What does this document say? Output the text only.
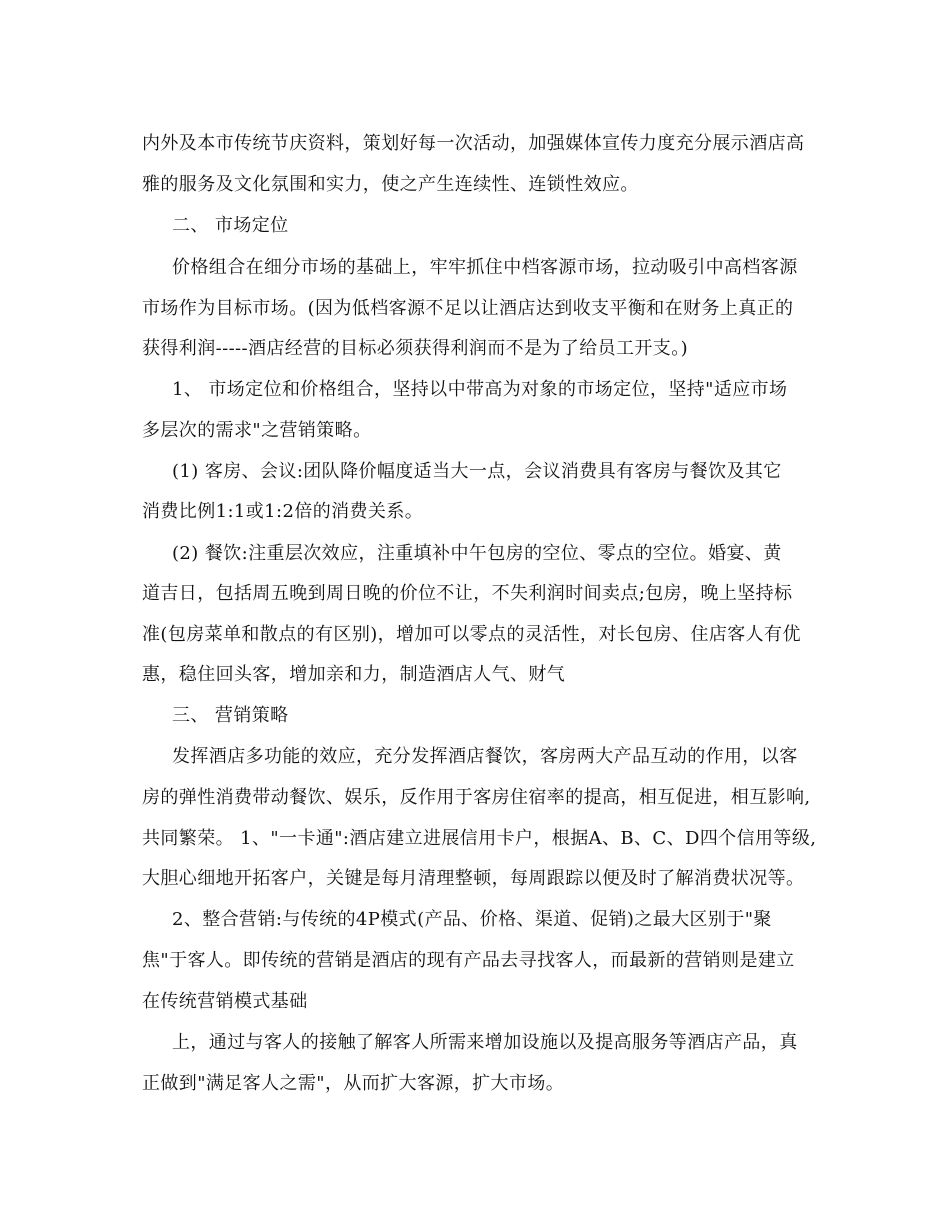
内外及本市传统节庆资料，策划好每一次活动，加强媒体宣传力度充分展示酒店高
雅的服务及文化氛围和实力，使之产生连续性、连锁性效应。
二、 市场定位
价格组合在细分市场的基础上，牢牢抓住中档客源市场，拉动吸引中高档客源
市场作为目标市场。(因为低档客源不足以让酒店达到收支平衡和在财务上真正的
获得利润-----酒店经营的目标必须获得利润而不是为了给员工开支。)
1、 市场定位和价格组合，坚持以中带高为对象的市场定位，坚持"适应市场
多层次的需求"之营销策略。
(1) 客房、会议:团队降价幅度适当大一点，会议消费具有客房与餐饮及其它
消费比例1:1或1:2倍的消费关系。
(2) 餐饮:注重层次效应，注重填补中午包房的空位、零点的空位。婚宴、黄
道吉日，包括周五晚到周日晚的价位不让，不失利润时间卖点;包房，晚上坚持标
准(包房菜单和散点的有区别)，增加可以零点的灵活性，对长包房、住店客人有优
惠，稳住回头客，增加亲和力，制造酒店人气、财气
三、 营销策略
发挥酒店多功能的效应，充分发挥酒店餐饮，客房两大产品互动的作用，以客
房的弹性消费带动餐饮、娱乐，反作用于客房住宿率的提高，相互促进，相互影响,
共同繁荣。 1、"一卡通":酒店建立进展信用卡户，根据A、B、C、D四个信用等级,
大胆心细地开拓客户，关键是每月清理整顿，每周跟踪以便及时了解消费状况等。
2、整合营销:与传统的4P模式(产品、价格、渠道、促销)之最大区别于"聚
焦"于客人。即传统的营销是酒店的现有产品去寻找客人，而最新的营销则是建立
在传统营销模式基础
上，通过与客人的接触了解客人所需来增加设施以及提高服务等酒店产品，真
正做到"满足客人之需"，从而扩大客源，扩大市场。
